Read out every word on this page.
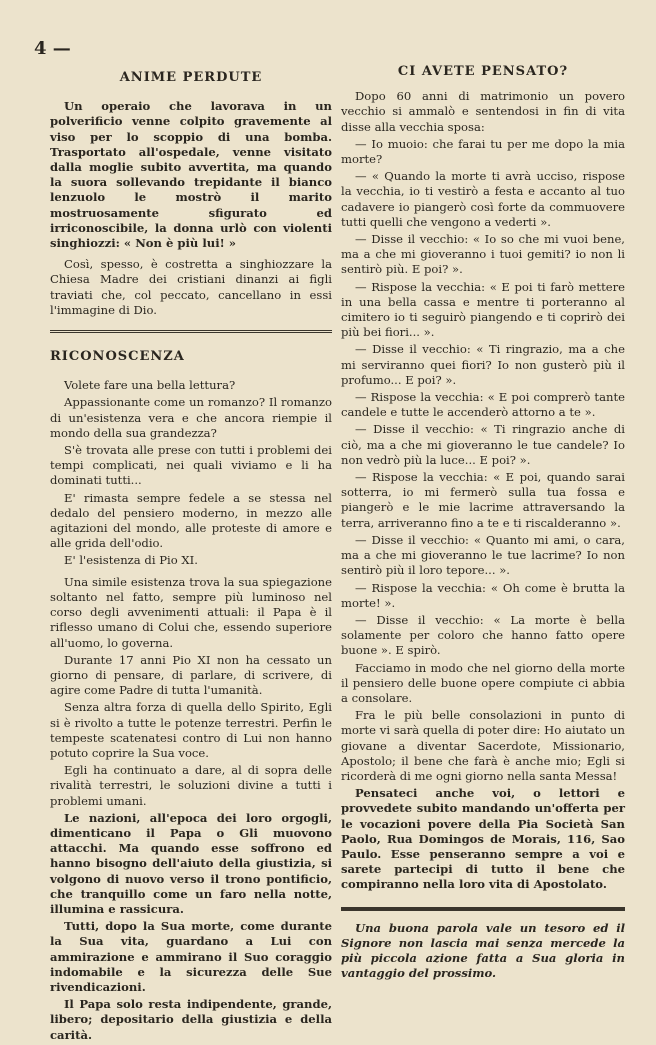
4 —
ANIME PERDUTE

Un operaio che lavorava in un polverificio venne colpito gravemente al viso per lo scoppio di una bomba. Trasportato all'ospedale, venne visitato dalla moglie subito avvertita, ma quando la suora sollevando trepidante il bianco lenzuolo le mostrò il marito mostruosamente sfigurato ed irriconoscibile, la donna urlò con violenti singhiozzi: « Non è più lui! »

Così, spesso, è costretta a singhiozzare la Chiesa Madre dei cristiani dinanzi ai figli traviati che, col peccato, cancellano in essi l'immagine di Dio.

RICONOSCENZA

Volete fare una bella lettura?

Appassionante come un romanzo? Il romanzo di un'esistenza vera e che ancora riempie il mondo della sua grandezza?

S'è trovata alle prese con tutti i problemi dei tempi complicati, nei quali viviamo e li ha dominati tutti...

E' rimasta sempre fedele a se stessa nel dedalo del pensiero moderno, in mezzo alle agitazioni del mondo, alle proteste di amore e alle grida dell'odio.

E' l'esistenza di Pio XI.

Una simile esistenza trova la sua spiegazione soltanto nel fatto, sempre più luminoso nel corso degli avvenimenti attuali: il Papa è il riflesso umano di Colui che, essendo superiore all'uomo, lo governa.

Durante 17 anni Pio XI non ha cessato un giorno di pensare, di parlare, di scrivere, di agire come Padre di tutta l'umanità.

Senza altra forza di quella dello Spirito, Egli si è rivolto a tutte le potenze terrestri. Perfin le tempeste scatenatesi contro di Lui non hanno potuto coprire la Sua voce.

Egli ha continuato a dare, al di sopra delle rivalità terrestri, le soluzioni divine a tutti i problemi umani.

Le nazioni, all'epoca dei loro orgogli, dimenticano il Papa o Gli muovono attacchi. Ma quando esse soffrono ed hanno bisogno dell'aiuto della giustizia, si volgono di nuovo verso il trono pontificio, che tranquillo come un faro nella notte, illumina e rassicura.

Tutti, dopo la Sua morte, come durante la Sua vita, guardano a Lui con ammirazione e ammirano il Suo coraggio indomabile e la sicurezza delle Sue rivendicazioni.

Il Papa solo resta indipendente, grande, libero; depositario della giustizia e della carità.

CI AVETE PENSATO?

Dopo 60 anni di matrimonio un povero vecchio si ammalò e sentendosi in fin di vita disse alla vecchia sposa:

— Io muoio: che farai tu per me dopo la mia morte?

— « Quando la morte ti avrà ucciso, rispose la vecchia, io ti vestirò a festa e accanto al tuo cadavere io piangerò così forte da commuovere tutti quelli che vengono a vederti ».

— Disse il vecchio: « Io so che mi vuoi bene, ma a che mi gioveranno i tuoi gemiti? io non li sentirò più. E poi? ».

— Rispose la vecchia: « E poi ti farò mettere in una bella cassa e mentre ti porteranno al cimitero io ti seguirò piangendo e ti coprirò dei più bei fiori... ».

— Disse il vecchio: « Ti ringrazio, ma a che mi serviranno quei fiori? Io non gusterò più il profumo... E poi? ».

— Rispose la vecchia: « E poi comprerò tante candele e tutte le accenderò attorno a te ».

— Disse il vecchio: « Ti ringrazio anche di ciò, ma a che mi gioveranno le tue candele? Io non vedrò più la luce... E poi? ».

— Rispose la vecchia: « E poi, quando sarai sotterra, io mi fermerò sulla tua fossa e piangerò e le mie lacrime attraversando la terra, arriveranno fino a te e ti riscalderanno ».

— Disse il vecchio: « Quanto mi ami, o cara, ma a che mi gioveranno le tue lacrime? Io non sentirò più il loro tepore... ».

— Rispose la vecchia: « Oh come è brutta la morte! ».

— Disse il vecchio: « La morte è bella solamente per coloro che hanno fatto opere buone ». E spirò.

Facciamo in modo che nel giorno della morte il pensiero delle buone opere compiute ci abbia a consolare.

Fra le più belle consolazioni in punto di morte vi sarà quella di poter dire: Ho aiutato un giovane a diventar Sacerdote, Missionario, Apostolo; il bene che farà è anche mio; Egli si ricorderà di me ogni giorno nella santa Messa!

Pensateci anche voi, o lettori e provvedete subito mandando un'offerta per le vocazioni povere della Pia Società San Paolo, Rua Domingos de Morais, 116, Sao Paulo. Esse penseranno sempre a voi e sarete partecipi di tutto il bene che compiranno nella loro vita di Apostolato.

Una buona parola vale un tesoro ed il Signore non lascia mai senza mercede la più piccola azione fatta a Sua gloria in vantaggio del prossimo.
